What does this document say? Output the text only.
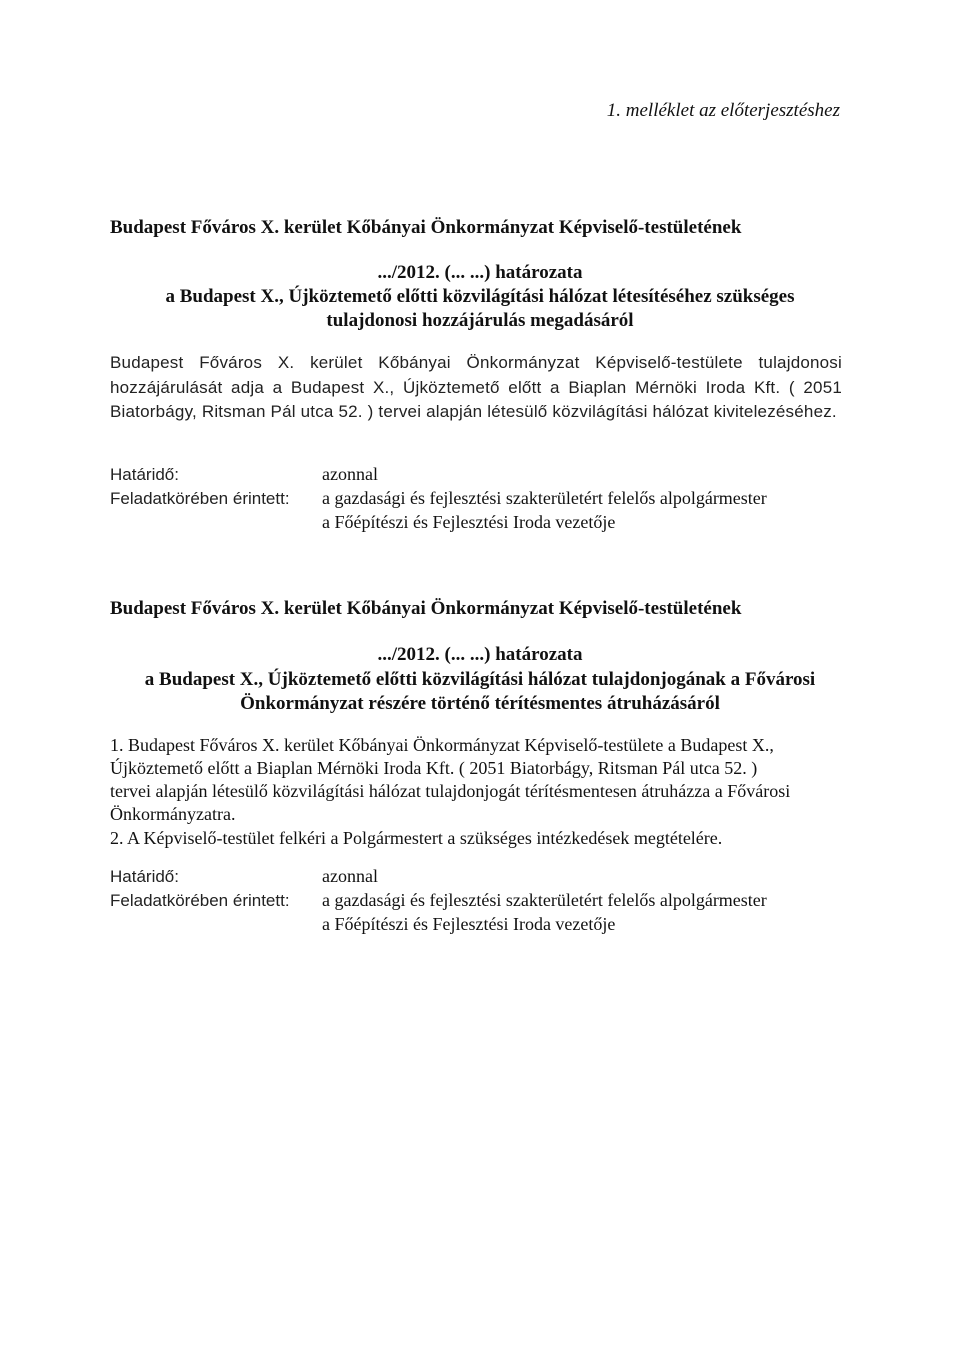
1. melléklet az előterjesztéshez
Budapest Főváros X. kerület Kőbányai Önkormányzat Képviselő-testületének
.../2012. (... ...) határozata
a Budapest X., Újköztemető előtti közvilágítási hálózat létesítéséhez szükséges
tulajdonosi hozzájárulás megadásáról
Budapest Főváros X. kerület Kőbányai Önkormányzat Képviselő-testülete tulajdonosi hozzájárulását adja a Budapest X., Újköztemető előtt a Biaplan Mérnöki Iroda Kft. ( 2051 Biatorbágy, Ritsman Pál utca 52. ) tervei alapján létesülő közvilágítási hálózat kivitelezéséhez.
Határidő:	azonnal
Feladatkörében érintett: a gazdasági és fejlesztési szakterületért felelős alpolgármester
a Főépítészi és Fejlesztési Iroda vezetője
Budapest Főváros X. kerület Kőbányai Önkormányzat Képviselő-testületének
.../2012. (... ...) határozata
a Budapest X., Újköztemető előtti közvilágítási hálózat tulajdonjogának a Fővárosi
Önkormányzat részére történő térítésmentes átruházásáról
1. Budapest Főváros X. kerület Kőbányai Önkormányzat Képviselő-testülete a Budapest X.,
Újköztemető előtt a Biaplan Mérnöki Iroda Kft. ( 2051 Biatorbágy, Ritsman Pál utca 52. )
tervei alapján létesülő közvilágítási hálózat tulajdonjogát térítésmentesen átruházza a Fővárosi
Önkormányzatra.
2. A Képviselő-testület felkéri a Polgármestert a szükséges intézkedések megtételére.
Határidő:	azonnal
Feladatkörében érintett: a gazdasági és fejlesztési szakterületért felelős alpolgármester
a Főépítészi és Fejlesztési Iroda vezetője
